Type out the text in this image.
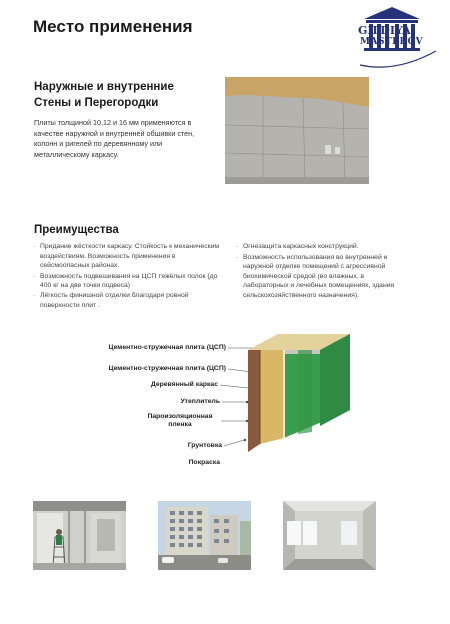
Место применения	GILDIYA
MASTEROV
Наружные и внутренние Стены и Перегородки
Плиты толщиной 10,12 и 16 мм применяются в качестве наружной и внутренней обшивки стен, колонн и ригелей по деревянному или металлическому каркасу.
Преимущества
· Придание жёсткости каркасу. Стойкость к механическим воздействиям. Возможность применения в сейсмоопасных районах.
· Возможность подвешивания на ЦСП тяжёлых полок (до 400 кг на две точки подвеса)
· Лёгкость финишной отделки благодаря ровной поверхности плит .
· Огнезащита каркасных конструкций.
· Возможность использования во внутренней и наружной отделке помещений с агрессивной биохимической средой (во влажных, в лабораторных и лечебных помещениях, здания сельскохозяйственного назначения).
Цементно-стружечная плита (ЦСП)
Цементно-стружечная плита (ЦСП)
Деревянный каркас
Утеплитель
Пароизоляционная пленка
Грунтовка
Покраска
